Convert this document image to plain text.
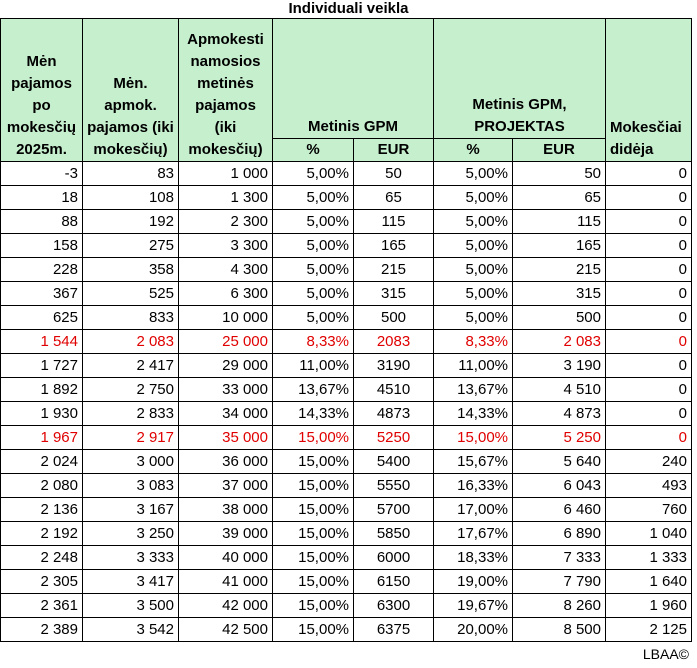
Individuali veikla
Mėn pajamos po mokesčių 2025m.	Mėn. apmok. pajamos (iki mokesčių)	Apmokesti namosios metinės pajamos (iki mokesčių)	Metinis GPM		Metinis GPM, PROJEKTAS		Mokesčiai didėja
			%	EUR	%	EUR	
-3	83	1 000	5,00%	50	5,00%	50	0
18	108	1 300	5,00%	65	5,00%	65	0
88	192	2 300	5,00%	115	5,00%	115	0
158	275	3 300	5,00%	165	5,00%	165	0
228	358	4 300	5,00%	215	5,00%	215	0
367	525	6 300	5,00%	315	5,00%	315	0
625	833	10 000	5,00%	500	5,00%	500	0
1 544	2 083	25 000	8,33%	2083	8,33%	2 083	0
1 727	2 417	29 000	11,00%	3190	11,00%	3 190	0
1 892	2 750	33 000	13,67%	4510	13,67%	4 510	0
1 930	2 833	34 000	14,33%	4873	14,33%	4 873	0
1 967	2 917	35 000	15,00%	5250	15,00%	5 250	0
2 024	3 000	36 000	15,00%	5400	15,67%	5 640	240
2 080	3 083	37 000	15,00%	5550	16,33%	6 043	493
2 136	3 167	38 000	15,00%	5700	17,00%	6 460	760
2 192	3 250	39 000	15,00%	5850	17,67%	6 890	1 040
2 248	3 333	40 000	15,00%	6000	18,33%	7 333	1 333
2 305	3 417	41 000	15,00%	6150	19,00%	7 790	1 640
2 361	3 500	42 000	15,00%	6300	19,67%	8 260	1 960
2 389	3 542	42 500	15,00%	6375	20,00%	8 500	2 125
LBAA©
